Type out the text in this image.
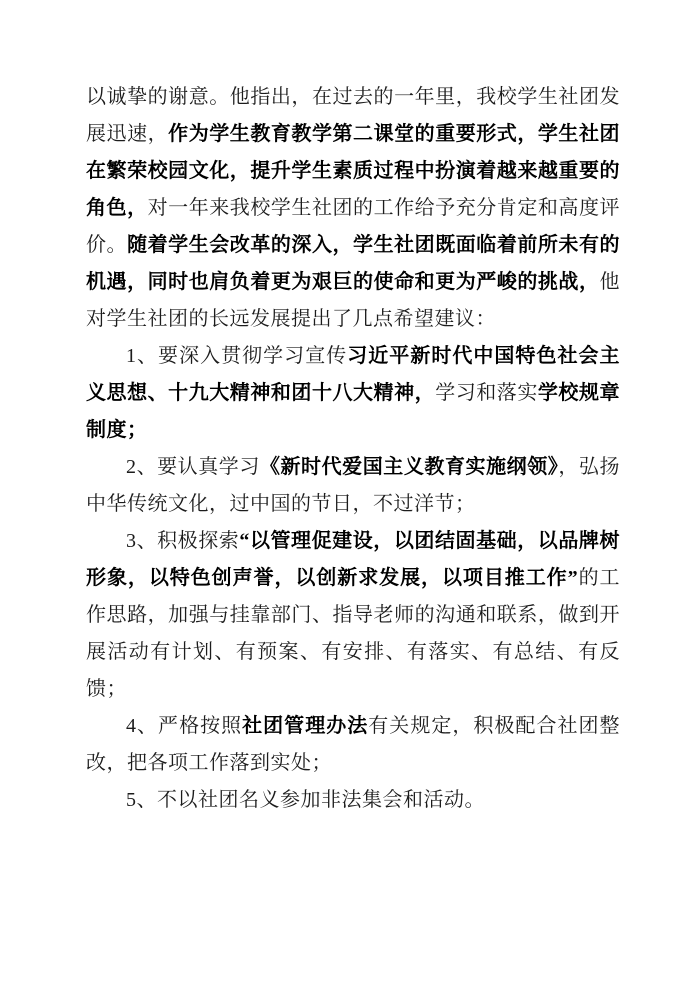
以诚挚的谢意。他指出，在过去的一年里，我校学生社团发展迅速，作为学生教育教学第二课堂的重要形式，学生社团在繁荣校园文化，提升学生素质过程中扮演着越来越重要的角色，对一年来我校学生社团的工作给予充分肯定和高度评价。随着学生会改革的深入，学生社团既面临着前所未有的机遇，同时也肩负着更为艰巨的使命和更为严峻的挑战，他对学生社团的长远发展提出了几点希望建议：

1、要深入贯彻学习宣传习近平新时代中国特色社会主义思想、十九大精神和团十八大精神，学习和落实学校规章制度；

2、要认真学习《新时代爱国主义教育实施纲领》，弘扬中华传统文化，过中国的节日，不过洋节；

3、积极探索“以管理促建设，以团结固基础，以品牌树形象，以特色创声誉，以创新求发展，以项目推工作”的工作思路，加强与挂靠部门、指导老师的沟通和联系，做到开展活动有计划、有预案、有安排、有落实、有总结、有反馈；

4、严格按照社团管理办法有关规定，积极配合社团整改，把各项工作落到实处；

5、不以社团名义参加非法集会和活动。
